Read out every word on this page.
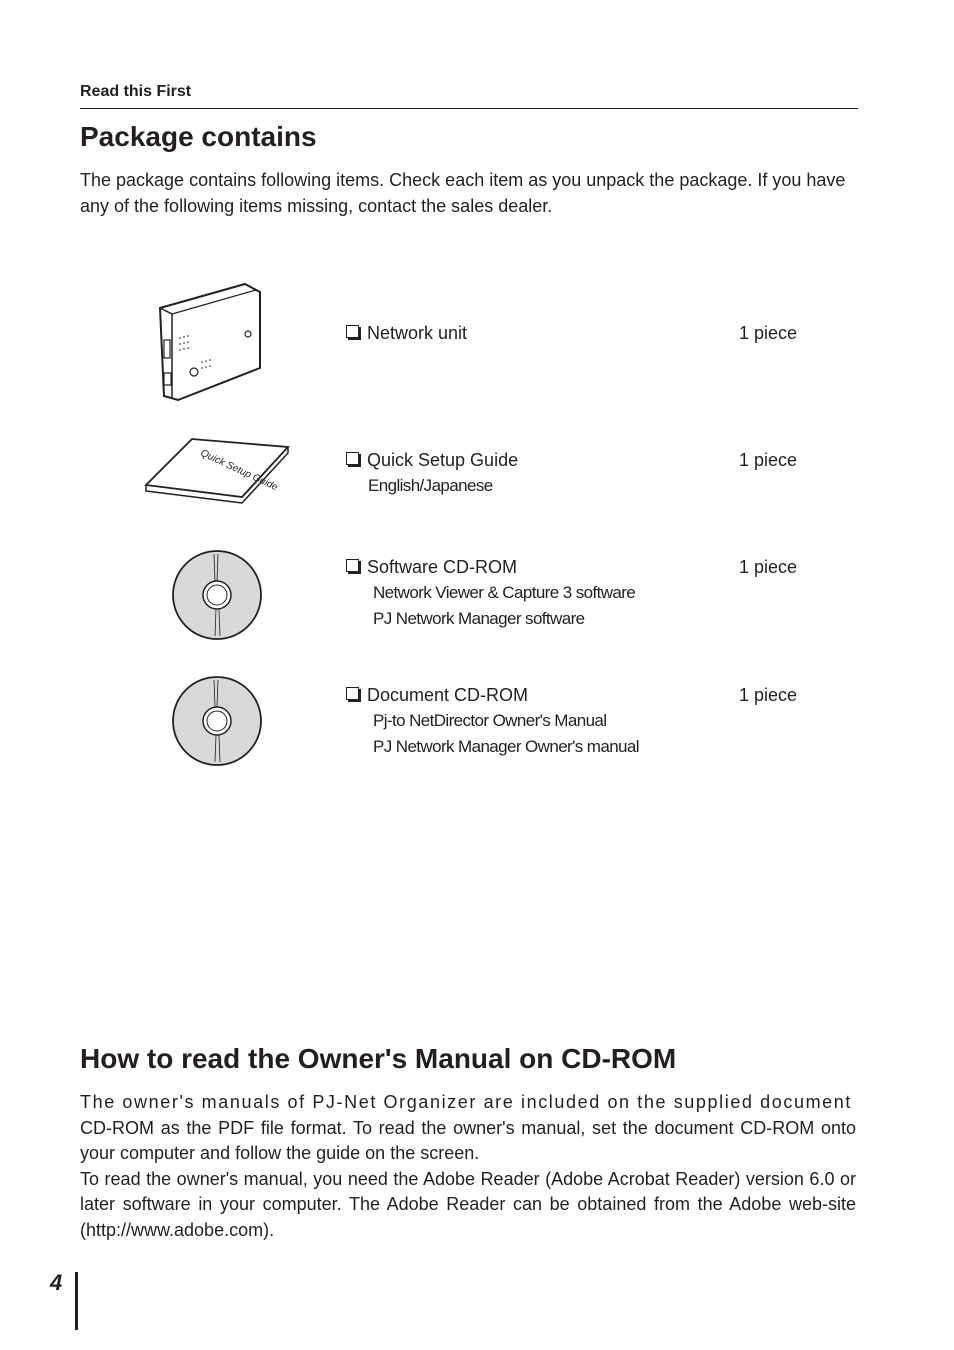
Read this First
Package contains
The package contains following items. Check each item as you unpack the package. If you have any of the following items missing, contact the sales dealer.
Quick Setup Guide
Network unit	1 piece
Quick Setup Guide	1 piece
English/Japanese
Software CD-ROM	1 piece
Network Viewer & Capture 3 software
PJ Network Manager software
Document CD-ROM	1 piece
Pj-to NetDirector Owner's Manual
PJ Network Manager Owner's manual
How to read the Owner's Manual on CD-ROM

The owner's manuals of PJ-Net Organizer are included on the supplied document

CD-ROM as the PDF file format. To read the owner's manual, set the document CD-ROM onto your computer and follow the guide on the screen.

To read the owner's manual, you need the Adobe Reader (Adobe Acrobat Reader) version 6.0 or later software in your computer. The Adobe Reader can be obtained from the Adobe web-site (http://www.adobe.com).

4
